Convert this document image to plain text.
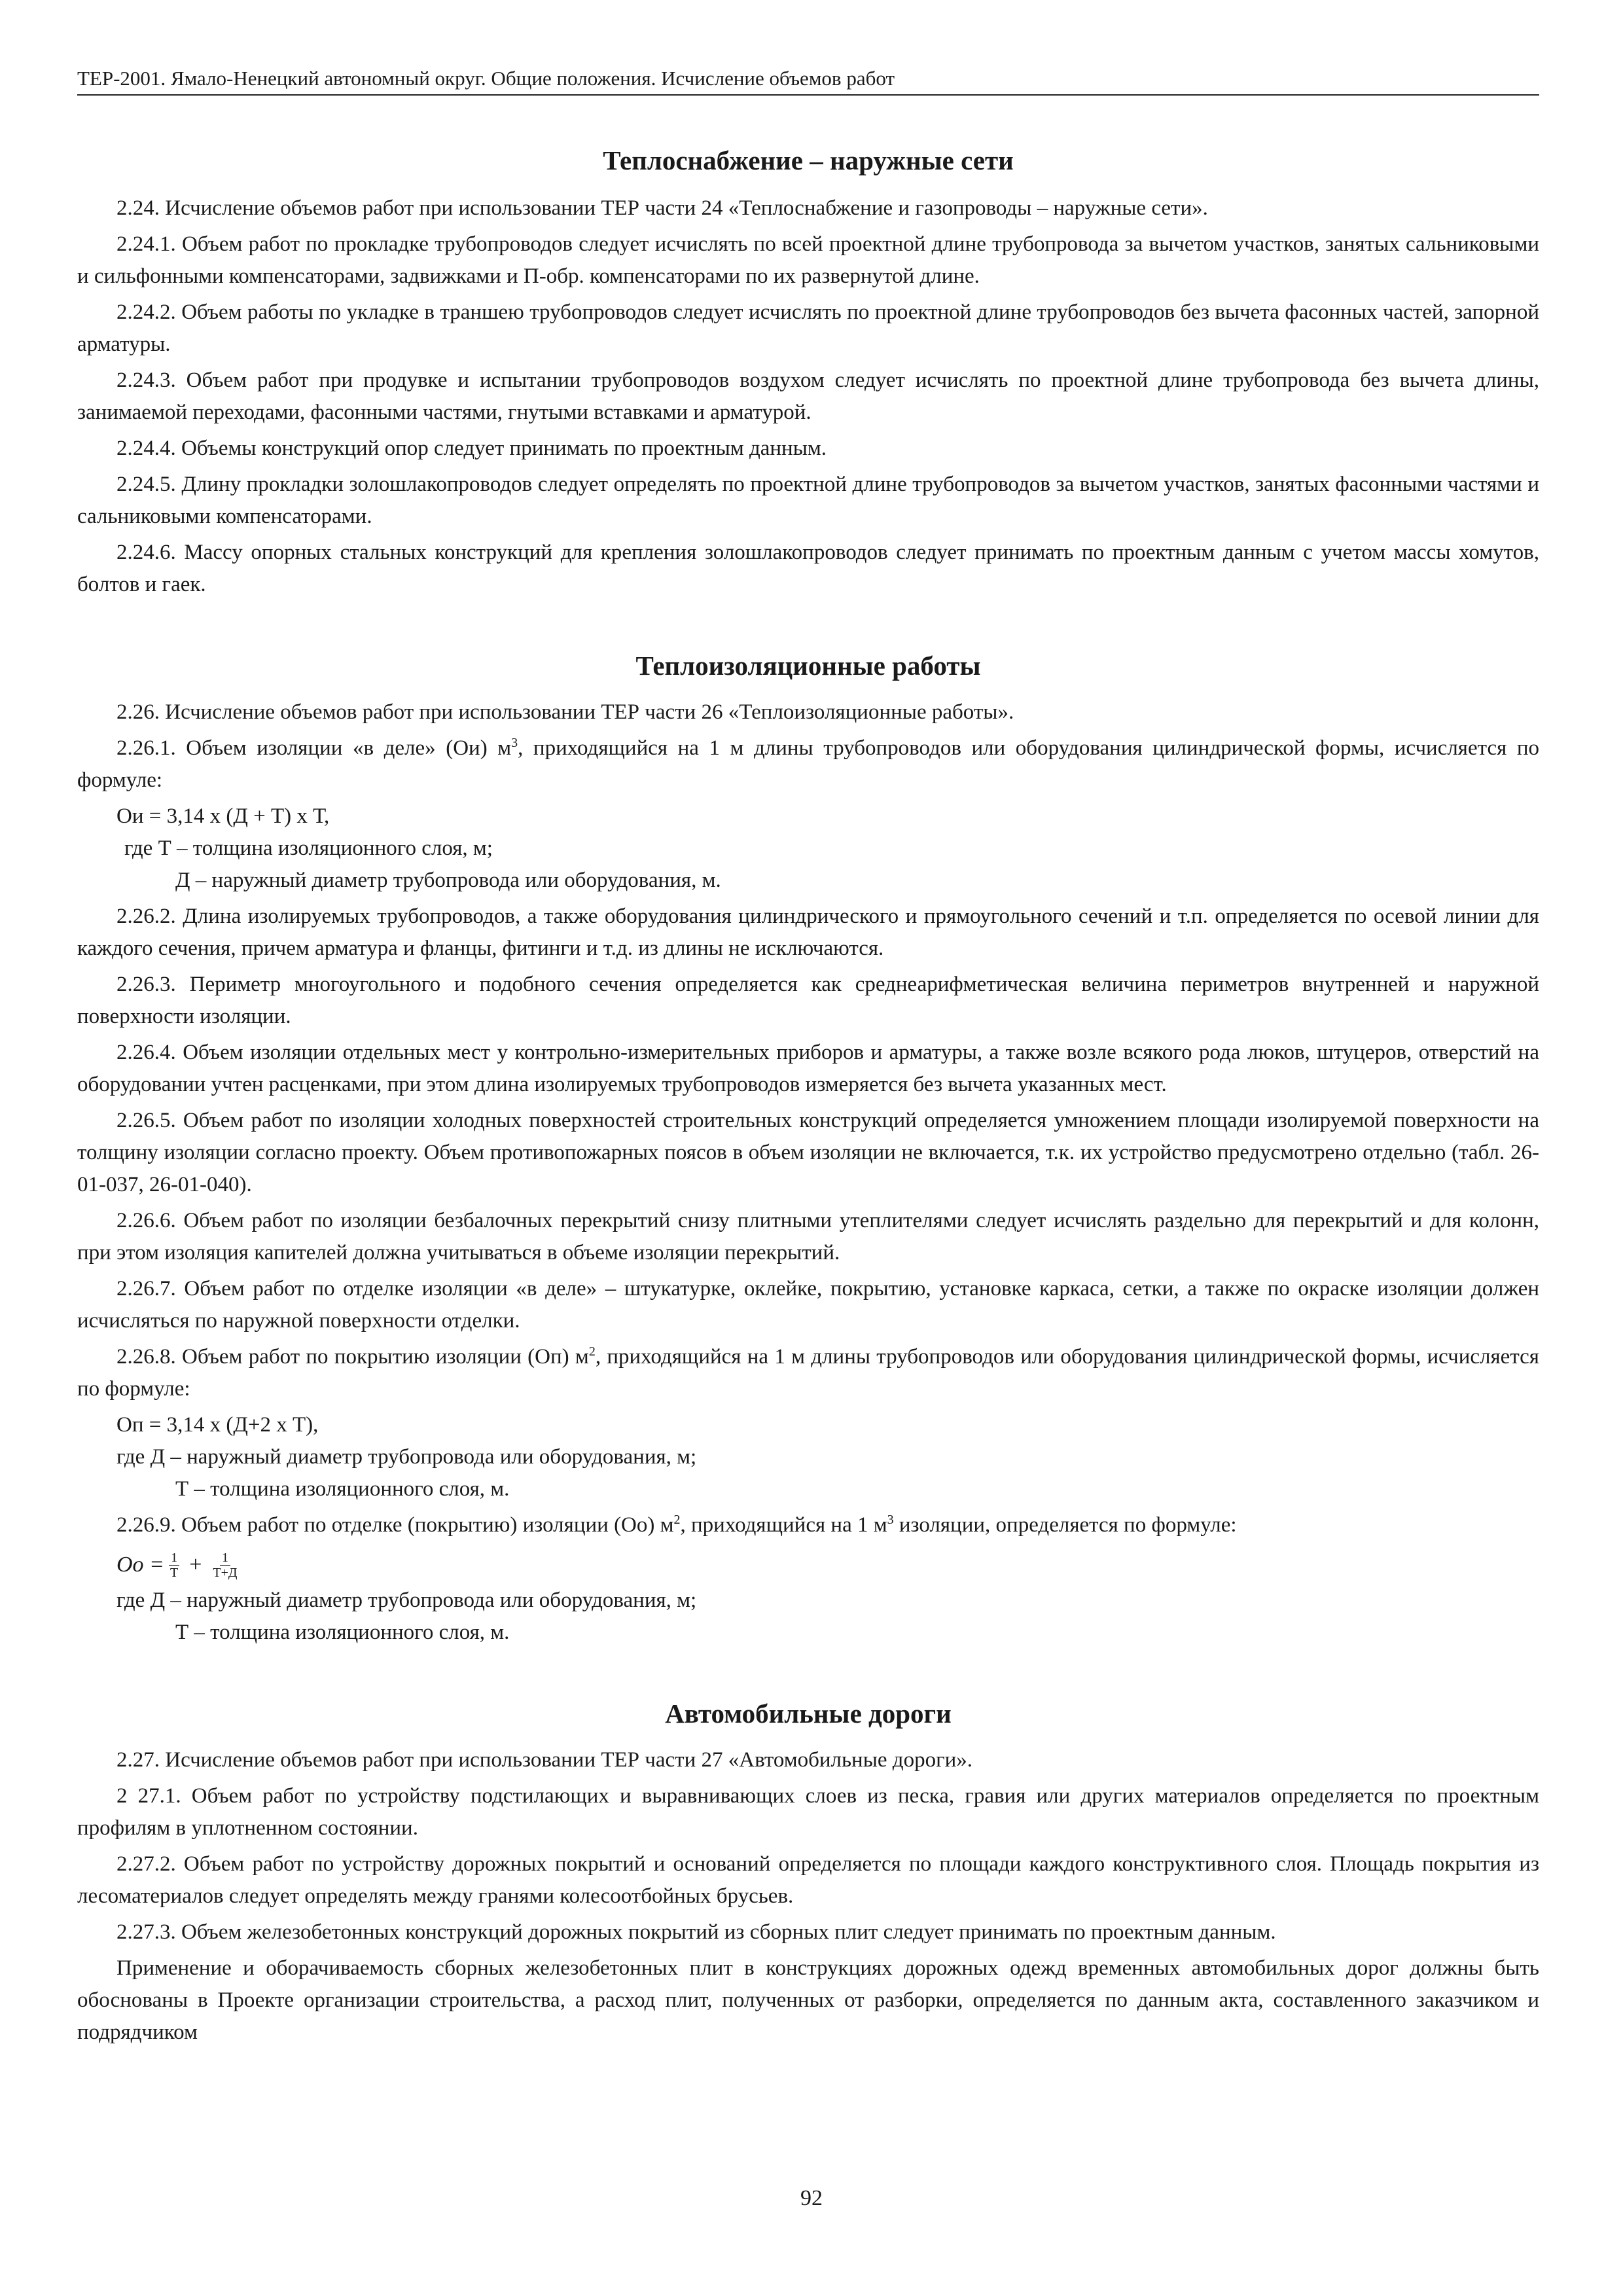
ТЕР-2001. Ямало-Ненецкий автономный округ. Общие положения. Исчисление объемов работ
Теплоснабжение – наружные сети

2.24. Исчисление объемов работ при использовании ТЕР части 24 «Теплоснабжение и газопроводы – наружные сети».

2.24.1. Объем работ по прокладке трубопроводов следует исчислять по всей проектной длине трубопровода за вычетом участков, занятых сальниковыми и сильфонными компенсаторами, задвижками и П-обр. компенсаторами по их развернутой длине.

2.24.2. Объем работы по укладке в траншею трубопроводов следует исчислять по проектной длине трубопроводов без вычета фасонных частей, запорной арматуры.

2.24.3. Объем работ при продувке и испытании трубопроводов воздухом следует исчислять по проектной длине трубопровода без вычета длины, занимаемой переходами, фасонными частями, гнутыми вставками и арматурой.

2.24.4. Объемы конструкций опор следует принимать по проектным данным.

2.24.5. Длину прокладки золошлакопроводов следует определять по проектной длине трубопроводов за вычетом участков, занятых фасонными частями и сальниковыми компенсаторами.

2.24.6. Массу опорных стальных конструкций для крепления золошлакопроводов следует принимать по проектным данным с учетом массы хомутов, болтов и гаек.

Теплоизоляционные работы

2.26. Исчисление объемов работ при использовании ТЕР части 26 «Теплоизоляционные работы».

2.26.1. Объем изоляции «в деле» (Ои) $м^3$, приходящийся на 1 м длины трубопроводов или оборудования цилиндрической формы, исчисляется по формуле:

Ои = 3,14 х (Д + Т) х Т,

где Т – толщина изоляционного слоя, м;

Д – наружный диаметр трубопровода или оборудования, м.

2.26.2. Длина изолируемых трубопроводов, а также оборудования цилиндрического и прямоугольного сечений и т.п. определяется по осевой линии для каждого сечения, причем арматура и фланцы, фитинги и т.д. из длины не исключаются.

2.26.3. Периметр многоугольного и подобного сечения определяется как среднеарифметическая величина периметров внутренней и наружной поверхности изоляции.

2.26.4. Объем изоляции отдельных мест у контрольно-измерительных приборов и арматуры, а также возле всякого рода люков, штуцеров, отверстий на оборудовании учтен расценками, при этом длина изолируемых трубопроводов измеряется без вычета указанных мест.

2.26.5. Объем работ по изоляции холодных поверхностей строительных конструкций определяется умножением площади изолируемой поверхности на толщину изоляции согласно проекту. Объем противопожарных поясов в объем изоляции не включается, т.к. их устройство предусмотрено отдельно (табл. 26-01-037, 26-01-040).

2.26.6. Объем работ по изоляции безбалочных перекрытий снизу плитными утеплителями следует исчислять раздельно для перекрытий и для колонн, при этом изоляция капителей должна учитываться в объеме изоляции перекрытий.

2.26.7. Объем работ по отделке изоляции «в деле» – штукатурке, оклейке, покрытию, установке каркаса, сетки, а также по окраске изоляции должен исчисляться по наружной поверхности отделки.

2.26.8. Объем работ по покрытию изоляции (Оп) $м^2$, приходящийся на 1 м длины трубопроводов или оборудования цилиндрической формы, исчисляется по формуле:

Оп = 3,14 х (Д+2 х Т),

где Д – наружный диаметр трубопровода или оборудования, м;

Т – толщина изоляционного слоя, м.

2.26.9. Объем работ по отделке (покрытию) изоляции (Оо) $м^2$, приходящийся на 1 $м^3$ изоляции, определяется по формуле:

Оо = $\frac{1}{Т} + \frac{1}{Т+Д}$

где Д – наружный диаметр трубопровода или оборудования, м;

Т – толщина изоляционного слоя, м.

Автомобильные дороги

2.27. Исчисление объемов работ при использовании ТЕР части 27 «Автомобильные дороги».

2 27.1. Объем работ по устройству подстилающих и выравнивающих слоев из песка, гравия или других материалов определяется по проектным профилям в уплотненном состоянии.

2.27.2. Объем работ по устройству дорожных покрытий и оснований определяется по площади каждого конструктивного слоя. Площадь покрытия из лесоматериалов следует определять между гранями колесоотбойных брусьев.

2.27.3. Объем железобетонных конструкций дорожных покрытий из сборных плит следует принимать по проектным данным.

Применение и оборачиваемость сборных железобетонных плит в конструкциях дорожных одежд временных автомобильных дорог должны быть обоснованы в Проекте организации строительства, а расход плит, полученных от разборки, определяется по данным акта, составленного заказчиком и подрядчиком

92
